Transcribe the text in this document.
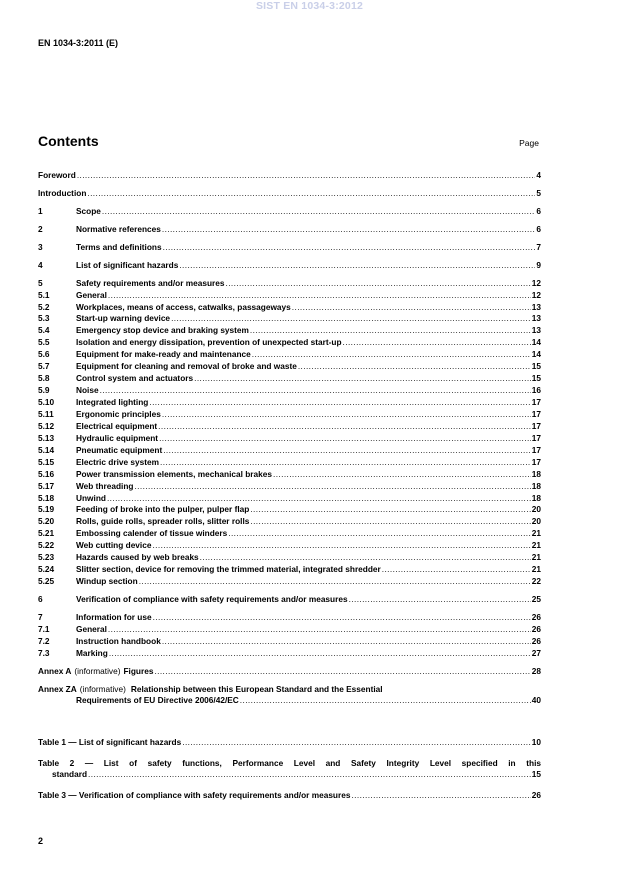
SIST EN 1034-3:2012
EN 1034-3:2011 (E)
Contents	Page
Foreword .....	4
Introduction .....	5
1	Scope .....	6
2	Normative references .....	6
3	Terms and definitions .....	7
4	List of significant hazards .....	9
5	Safety requirements and/or measures .....	12
5.1	General .....	12
5.2	Workplaces, means of access, catwalks, passageways .....	13
5.3	Start-up warning device .....	13
5.4	Emergency stop device and braking system .....	13
5.5	Isolation and energy dissipation, prevention of unexpected start-up .....	14
5.6	Equipment for make-ready and maintenance .....	14
5.7	Equipment for cleaning and removal of broke and waste .....	15
5.8	Control system and actuators .....	15
5.9	Noise .....	16
5.10	Integrated lighting .....	17
5.11	Ergonomic principles .....	17
5.12	Electrical equipment .....	17
5.13	Hydraulic equipment .....	17
5.14	Pneumatic equipment .....	17
5.15	Electric drive system .....	17
5.16	Power transmission elements, mechanical brakes .....	18
5.17	Web threading .....	18
5.18	Unwind .....	18
5.19	Feeding of broke into the pulper, pulper flap .....	20
5.20	Rolls, guide rolls, spreader rolls, slitter rolls .....	20
5.21	Embossing calender of tissue winders .....	21
5.22	Web cutting device .....	21
5.23	Hazards caused by web breaks .....	21
5.24	Slitter section, device for removing the trimmed material, integrated shredder .....	21
5.25	Windup section .....	22
6	Verification of compliance with safety requirements and/or measures .....	25
7	Information for use .....	26
7.1	General .....	26
7.2	Instruction handbook .....	26
7.3	Marking .....	27
Annex A (informative) Figures .....	28
Annex ZA (informative) Relationship between this European Standard and the Essential
Requirements of EU Directive 2006/42/EC .....	40
Table 1 — List of significant hazards .....	10
Table 2 — List of safety functions, Performance Level and Safety Integrity Level specified in this
standard .....	15
Table 3 — Verification of compliance with safety requirements and/or measures .....	26
2
